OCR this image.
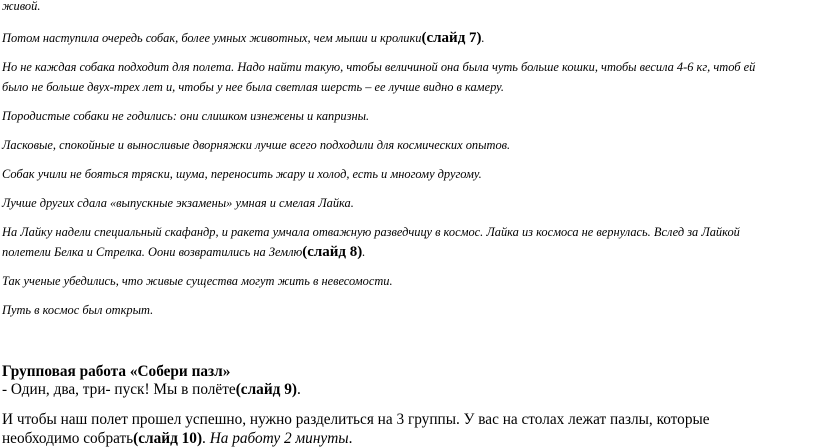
живой.

Потом наступила очередь собак, более умных животных, чем мыши и кролики(слайд 7).

Но не каждая собака подходит для полета. Надо найти такую, чтобы величиной она была чуть больше кошки, чтобы весила 4-6 кг, чтоб ей

было не больше двух-трех лет и, чтобы у нее была светлая шерсть – ее лучше видно в камеру.

Породистые собаки не годились: они слишком изнежены и капризны.

Ласковые, спокойные и выносливые дворняжки лучше всего подходили для космических опытов.

Собак учили не бояться тряски, шума, переносить жару и холод, есть и многому другому.

Лучше других сдала «выпускные экзамены» умная и смелая Лайка.

На Лайку надели специальный скафандр, и ракета умчала отважную разведчицу в космос. Лайка из космоса не вернулась. Вслед за Лайкой

полетели Белка и Стрелка. Оони возвратились на Землю(слайд 8).

Так ученые убедились, что живые существа могут жить в невесомости.

Путь в космос был открыт.

Групповая работа «Собери пазл»

- Один, два, три- пуск! Мы в полёте(слайд 9).

И чтобы наш полет прошел успешно, нужно разделиться на 3 группы. У вас на столах лежат пазлы, которые

необходимо собрать(слайд 10). На работу 2 минуты.
